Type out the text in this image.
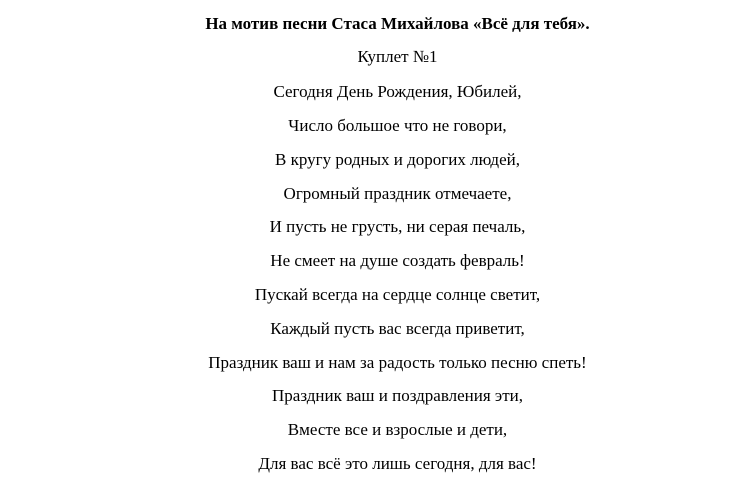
На мотив песни Стаса Михайлова «Всё для тебя».
Куплет №1
Сегодня День Рождения, Юбилей,
Число большое что не говори,
В кругу родных и дорогих людей,
Огромный праздник отмечаете,
И пусть не грусть, ни серая печаль,
Не смеет на душе создать февраль!
Пускай всегда на сердце солнце светит,
Каждый пусть вас всегда приветит,
Праздник ваш и нам за радость только песню спеть!
Праздник ваш и поздравления эти,
Вместе все и взрослые и дети,
Для вас всё это лишь сегодня, для вас!
